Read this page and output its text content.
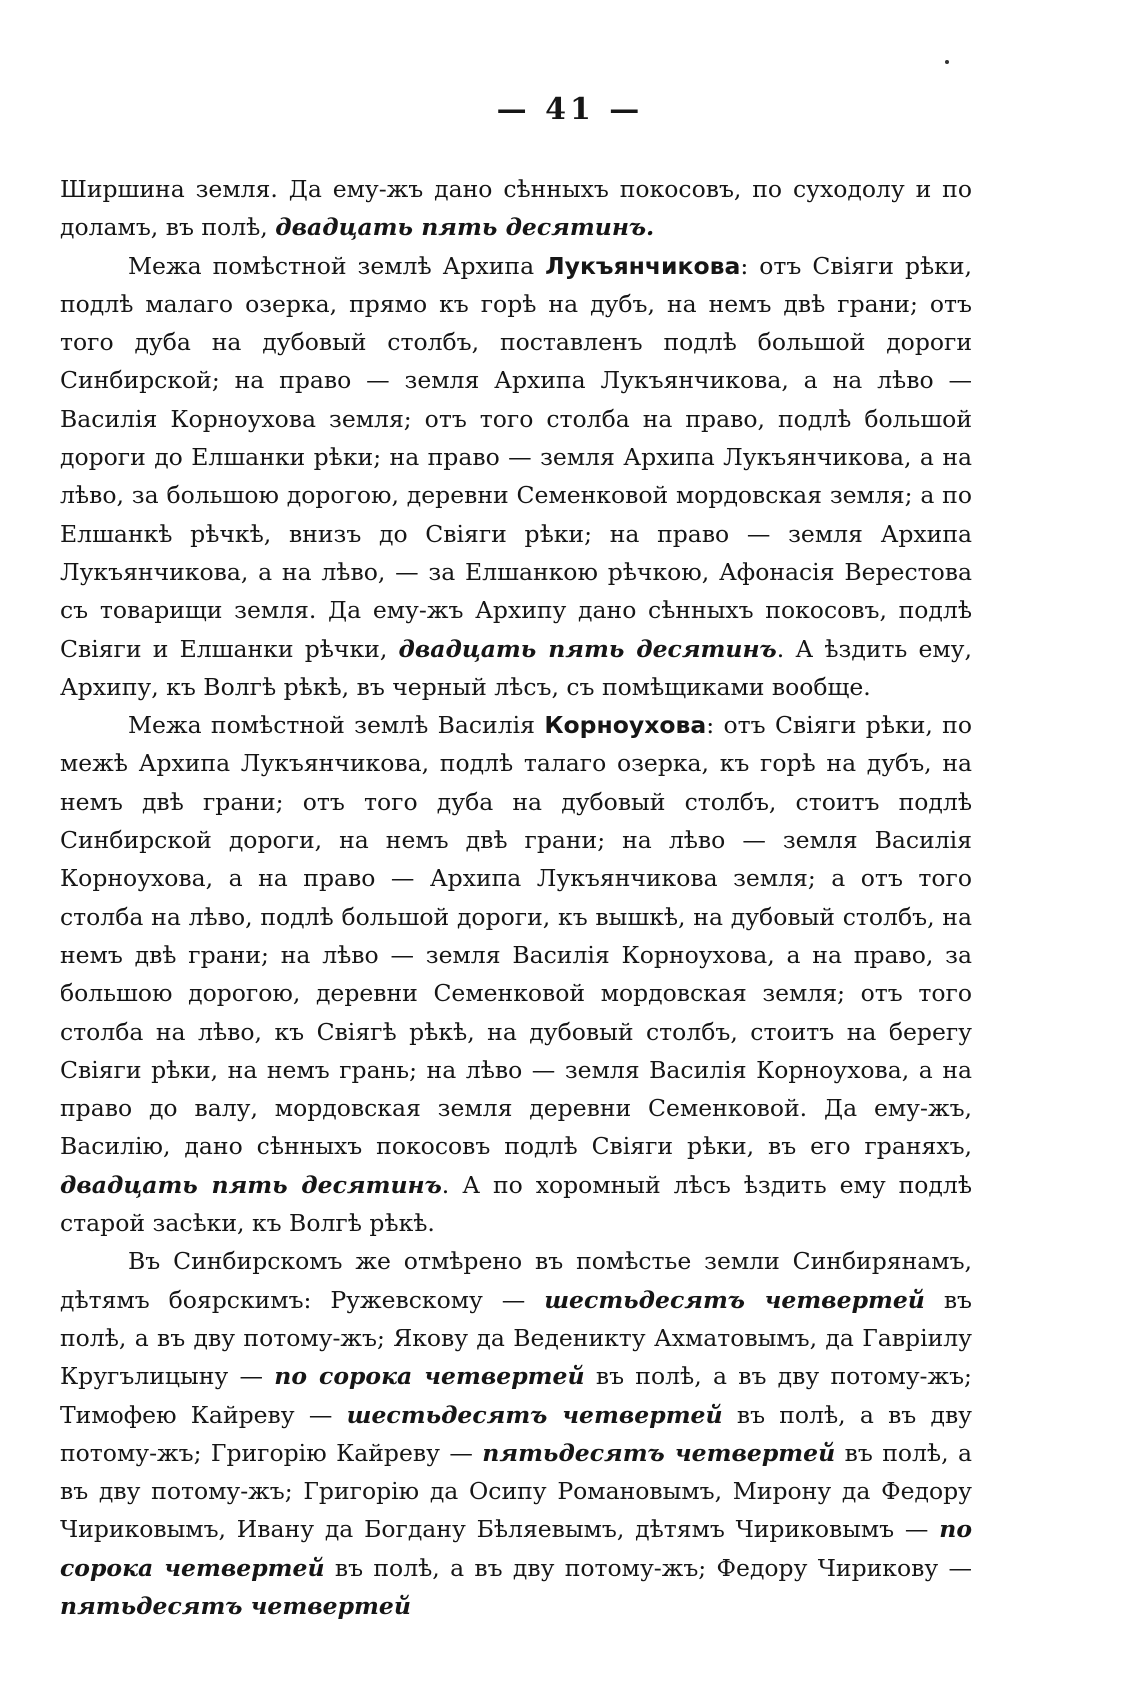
— 41 —

Ширшина земля. Да ему-жъ дано сѣнныхъ покосовъ, по суходолу и по доламъ, въ полѣ, двадцать пять десятинъ.

Межа помѣстной землѣ Архипа Лукъянчикова: отъ Свіяги рѣки, подлѣ малаго озерка, прямо къ горѣ на дубъ, на немъ двѣ грани; отъ того дуба на дубовый столбъ, поставленъ подлѣ большой дороги Синбирской; на право — земля Архипа Лукъянчикова, а на лѣво — Василія Корноухова земля; отъ того столба на право, подлѣ большой дороги до Елшанки рѣки; на право — земля Архипа Лукъянчикова, а на лѣво, за большою дорогою, деревни Семенковой мордовская земля; а по Елшанкѣ рѣчкѣ, внизъ до Свіяги рѣки; на право — земля Архипа Лукъянчикова, а на лѣво, — за Елшанкою рѣчкою, Афонасія Верестова съ товарищи земля. Да ему-жъ Архипу дано сѣнныхъ покосовъ, подлѣ Свіяги и Елшанки рѣчки, двадцать пять десятинъ. А ѣздить ему, Архипу, къ Волгѣ рѣкѣ, въ черный лѣсъ, съ помѣщиками вообще.

Межа помѣстной землѣ Василія Корноухова: отъ Свіяги рѣки, по межѣ Архипа Лукъянчикова, подлѣ талаго озерка, къ горѣ на дубъ, на немъ двѣ грани; отъ того дуба на дубовый столбъ, стоитъ подлѣ Синбирской дороги, на немъ двѣ грани; на лѣво — земля Василія Корноухова, а на право — Архипа Лукъянчикова земля; а отъ того столба на лѣво, подлѣ большой дороги, къ вышкѣ, на дубовый столбъ, на немъ двѣ грани; на лѣво — земля Василія Корноухова, а на право, за большою дорогою, деревни Семенковой мордовская земля; отъ того столба на лѣво, къ Свіягѣ рѣкѣ, на дубовый столбъ, стоитъ на берегу Свіяги рѣки, на немъ грань; на лѣво — земля Василія Корноухова, а на право до валу, мордовская земля деревни Семенковой. Да ему-жъ, Василію, дано сѣнныхъ покосовъ подлѣ Свіяги рѣки, въ его граняхъ, двадцать пять десятинъ. А по хоромный лѣсъ ѣздить ему подлѣ старой засѣки, къ Волгѣ рѣкѣ.

Въ Синбирскомъ же отмѣрено въ помѣстье земли Синбирянамъ, дѣтямъ боярскимъ: Ружевскому — шестьдесятъ четвертей въ полѣ, а въ дву потому-жъ; Якову да Веденикту Ахматовымъ, да Гавріилу Кругълицыну — по сорока четвертей въ полѣ, а въ дву потому-жъ; Тимофею Кайреву — шестьдесятъ четвертей въ полѣ, а въ дву потому-жъ; Григорію Кайреву — пятьдесятъ четвертей въ полѣ, а въ дву потому-жъ; Григорію да Осипу Романовымъ, Мирону да Федору Чириковымъ, Ивану да Богдану Бѣляевымъ, дѣтямъ Чириковымъ — по сорока четвертей въ полѣ, а въ дву потому-жъ; Федору Чирикову — пятьдесятъ четвертей
